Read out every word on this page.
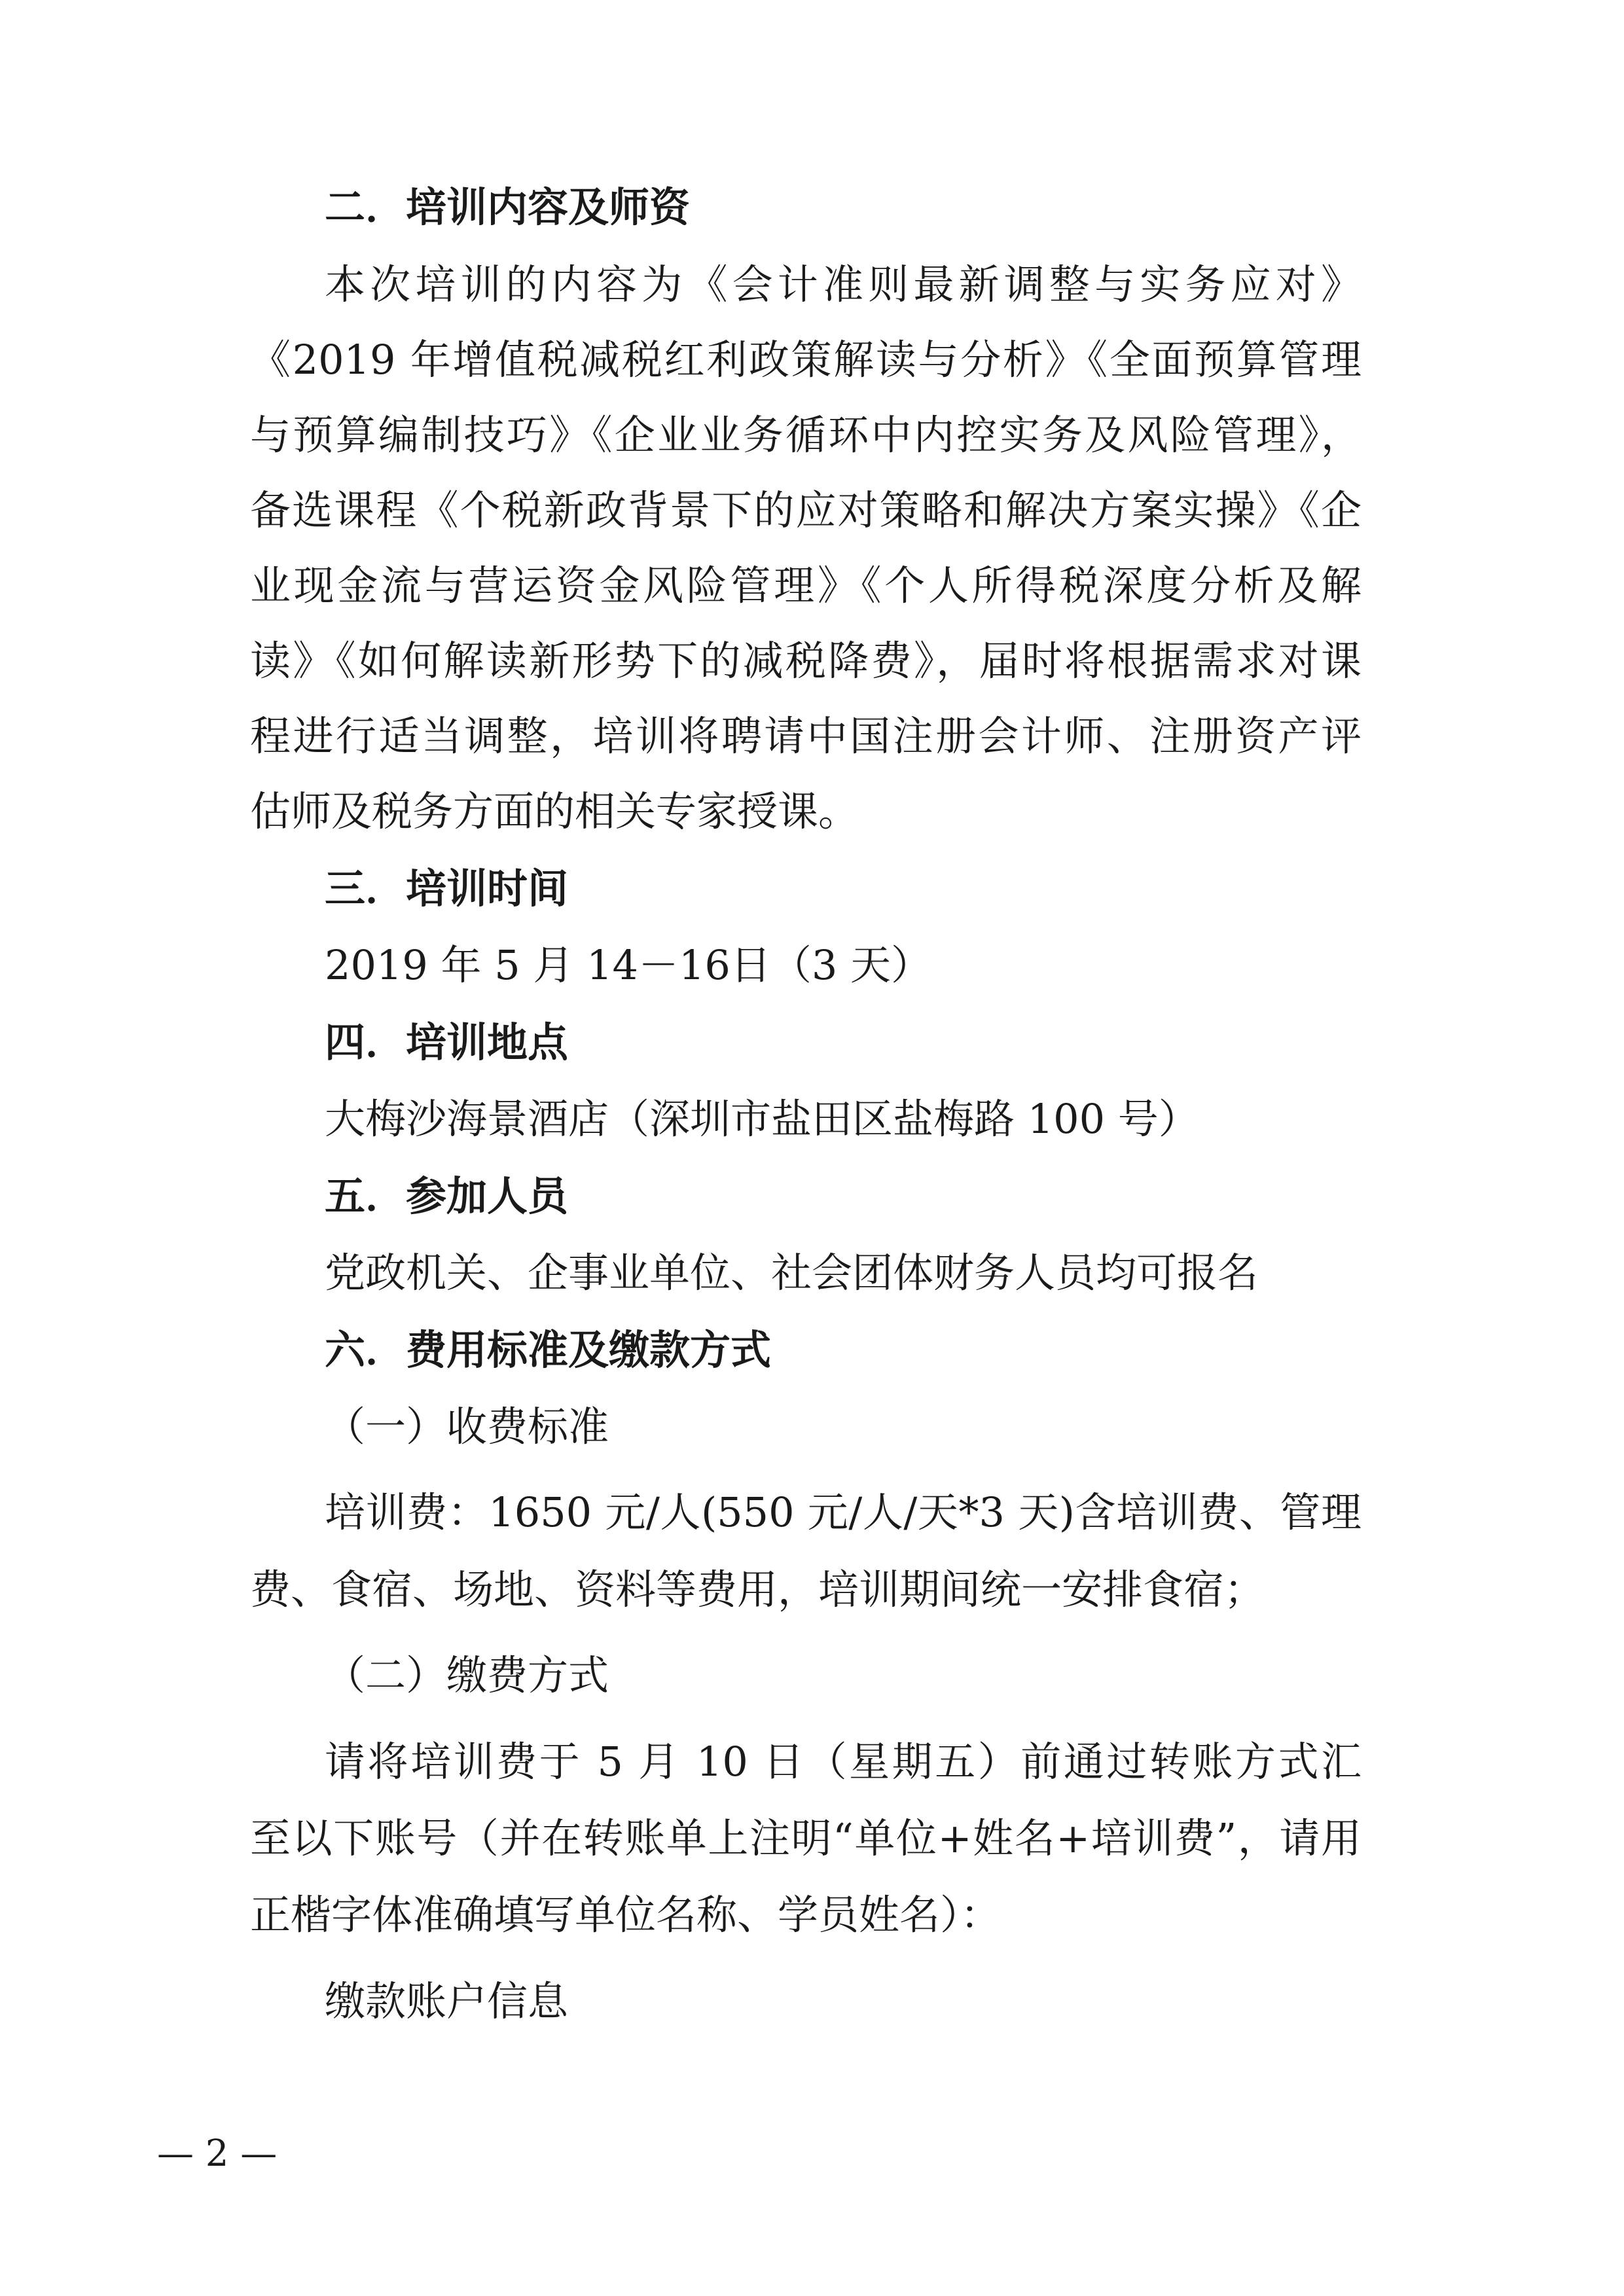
二．培训内容及师资
本次培训的内容为《会计准则最新调整与实务应对》
《2019 年增值税减税红利政策解读与分析》《全面预算管理
与预算编制技巧》《企业业务循环中内控实务及风险管理》，
备选课程《个税新政背景下的应对策略和解决方案实操》《企
业现金流与营运资金风险管理》《个人所得税深度分析及解
读》《如何解读新形势下的减税降费》，届时将根据需求对课
程进行适当调整，培训将聘请中国注册会计师、注册资产评
估师及税务方面的相关专家授课。
三．培训时间
2019 年 5 月 14－16日（3 天）
四．培训地点
大梅沙海景酒店（深圳市盐田区盐梅路 100 号）
五．参加人员
党政机关、企事业单位、社会团体财务人员均可报名
六．费用标准及缴款方式
（一）收费标准
培训费：1650 元/人(550 元/人/天*3 天)含培训费、管理
费、食宿、场地、资料等费用，培训期间统一安排食宿；
（二）缴费方式
请将培训费于 5 月 10 日（星期五）前通过转账方式汇
至以下账号（并在转账单上注明“单位+姓名+培训费”，请用
正楷字体准确填写单位名称、学员姓名）：
缴款账户信息
— 2 —
